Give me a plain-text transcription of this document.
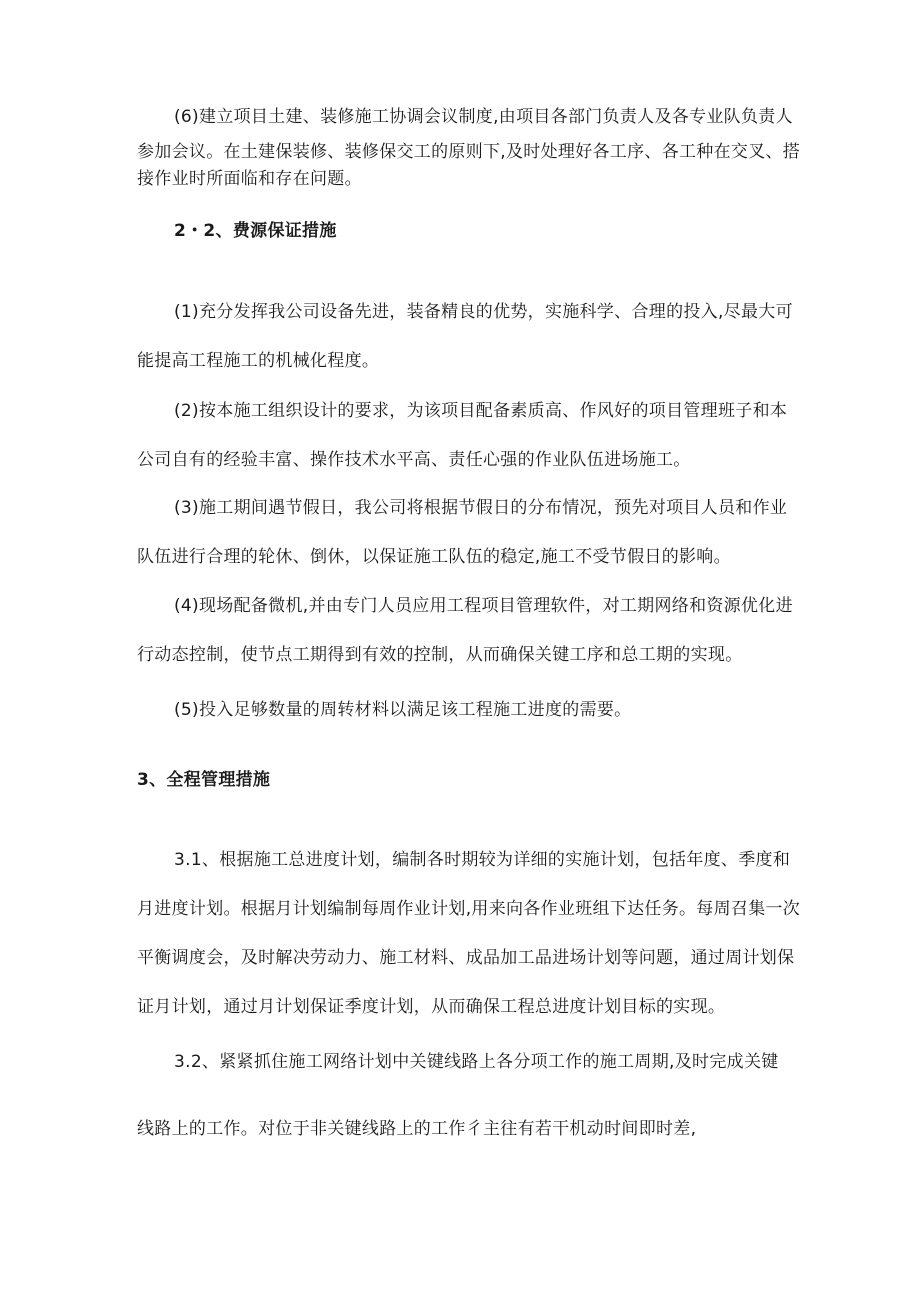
(6)建立项目土建、装修施工协调会议制度,由项目各部门负责人及各专业队负责人
参加会议。在土建保装修、装修保交工的原则下,及时处理好各工序、各工种在交叉、搭
接作业时所面临和存在问题。
2・2、费源保证措施
(1)充分发挥我公司设备先进，装备精良的优势，实施科学、合理的投入,尽最大可
能提高工程施工的机械化程度。
(2)按本施工组织设计的要求，为该项目配备素质高、作风好的项目管理班子和本
公司自有的经验丰富、操作技术水平高、责任心强的作业队伍进场施工。
(3)施工期间遇节假日，我公司将根据节假日的分布情况，预先对项目人员和作业
队伍进行合理的轮休、倒休，以保证施工队伍的稳定,施工不受节假日的影响。
(4)现场配备微机,并由专门人员应用工程项目管理软件，对工期网络和资源优化进
行动态控制，使节点工期得到有效的控制，从而确保关键工序和总工期的实现。
(5)投入足够数量的周转材料以满足该工程施工进度的需要。
3、全程管理措施
3.1、根据施工总进度计划，编制各时期较为详细的实施计划，包括年度、季度和
月进度计划。根据月计划编制每周作业计划,用来向各作业班组下达任务。每周召集一次
平衡调度会，及时解决劳动力、施工材料、成品加工品进场计划等问题，通过周计划保
证月计划，通过月计划保证季度计划，从而确保工程总进度计划目标的实现。
3.2、紧紧抓住施工网络计划中关键线路上各分项工作的施工周期,及时完成关键
线路上的工作。对位于非关键线路上的工作彳主往有若干机动时间即时差,
